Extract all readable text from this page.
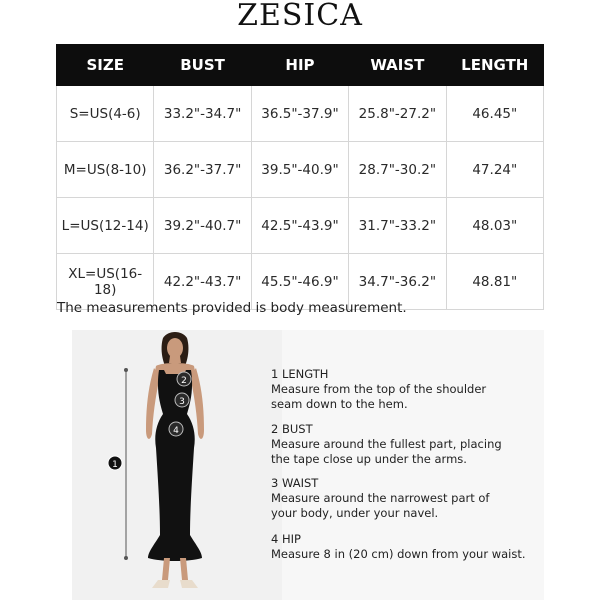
ZESICA
SIZE	BUST	HIP	WAIST	LENGTH
S=US(4-6)	33.2"-34.7"	36.5"-37.9"	25.8"-27.2"	46.45"
M=US(8-10)	36.2"-37.7"	39.5"-40.9"	28.7"-30.2"	47.24"
L=US(12-14)	39.2"-40.7"	42.5"-43.9"	31.7"-33.2"	48.03"
XL=US(16-18)	42.2"-43.7"	45.5"-46.9"	34.7"-36.2"	48.81"
The measurements provided is body measurement.
1
2
3
4
1 LENGTH
Measure from the top of the shoulder
seam down to the hem.
2 BUST
Measure around the fullest part, placing
the tape close up under the arms.
3 WAIST
Measure around the narrowest part of
your body, under your navel.
4 HIP
Measure 8 in (20 cm) down from your waist.
